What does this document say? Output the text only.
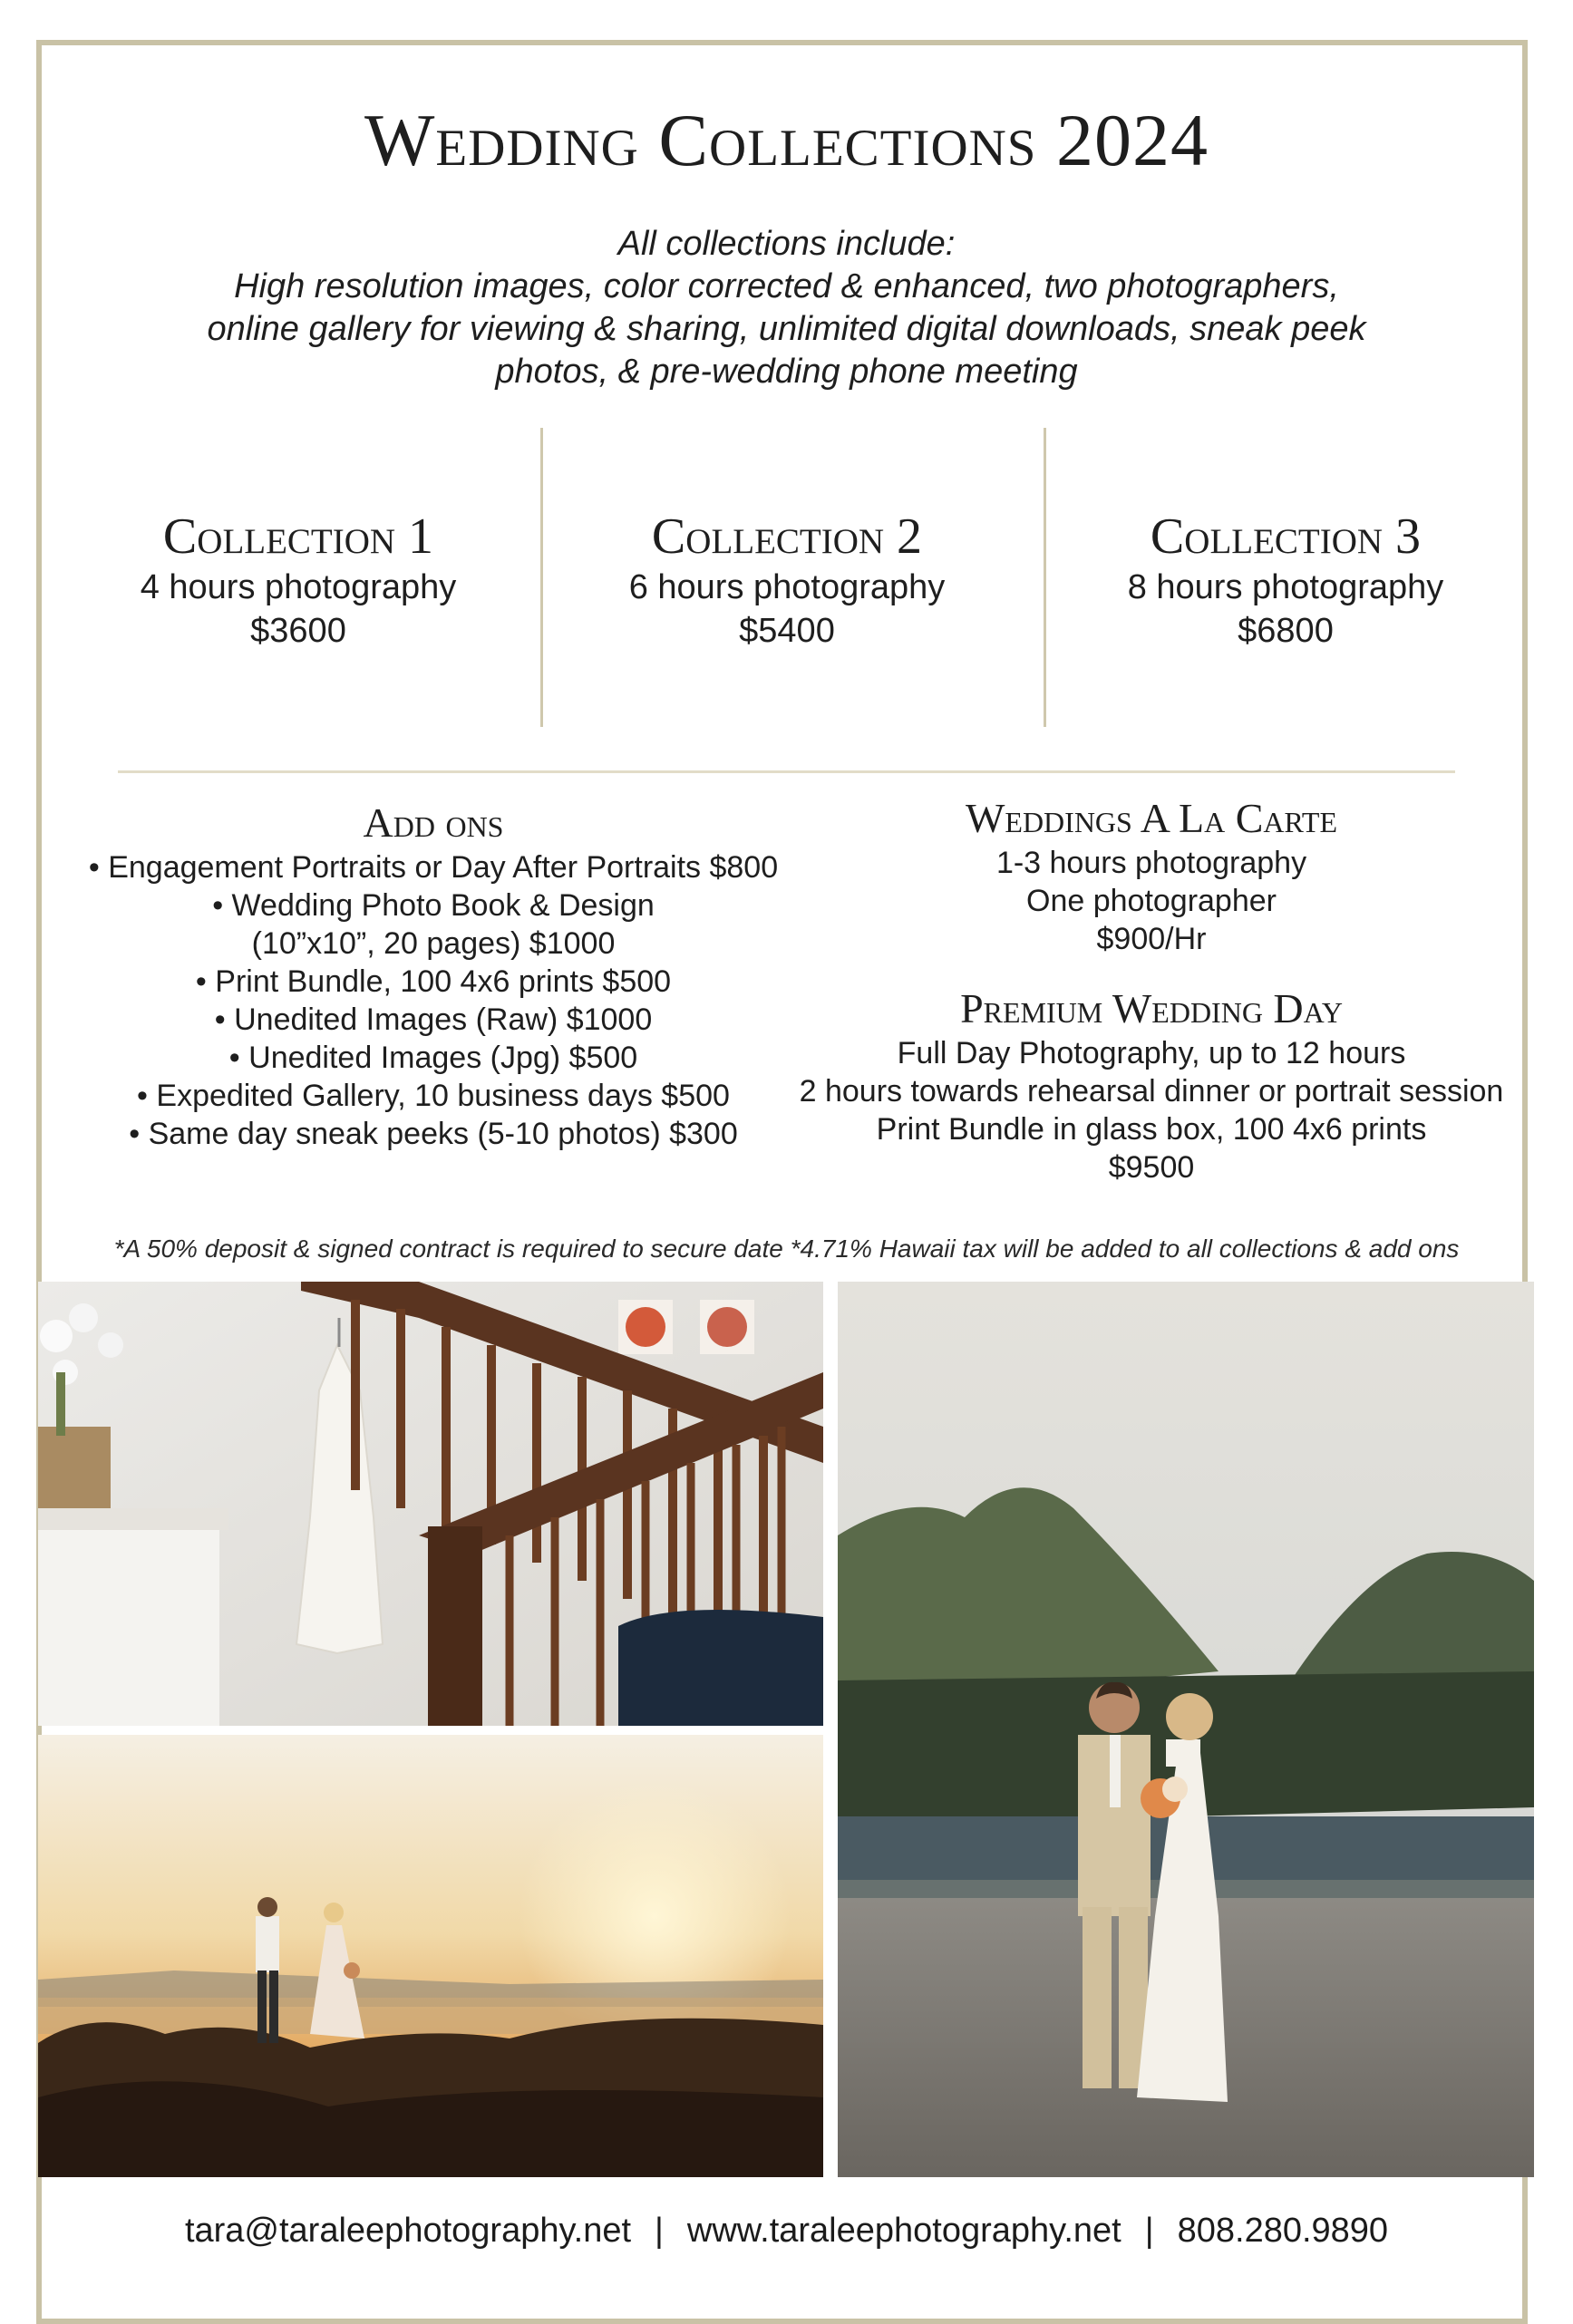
Wedding Collections 2024
All collections include:
High resolution images, color corrected & enhanced, two photographers,
online gallery for viewing & sharing, unlimited digital downloads, sneak peek
photos, & pre-wedding phone meeting
Collection 1
4 hours photography
$3600
Collection 2
6 hours photography
$5400
Collection 3
8 hours photography
$6800
Add ons
• Engagement Portraits or Day After Portraits $800
• Wedding Photo Book & Design
(10”x10”, 20 pages) $1000
• Print Bundle, 100 4x6 prints $500
• Unedited Images (Raw) $1000
• Unedited Images (Jpg) $500
• Expedited Gallery, 10 business days $500
• Same day sneak peeks (5-10 photos) $300
Weddings A La Carte
1-3 hours photography
One photographer
$900/Hr
Premium Wedding Day
Full Day Photography, up to 12 hours
2 hours towards rehearsal dinner or portrait session
Print Bundle in glass box, 100 4x6 prints
$9500
*A 50% deposit & signed contract is required to secure date *4.71% Hawaii tax will be added to all collections & add ons
tara@taraleephotography.net | www.taraleephotography.net | 808.280.9890
